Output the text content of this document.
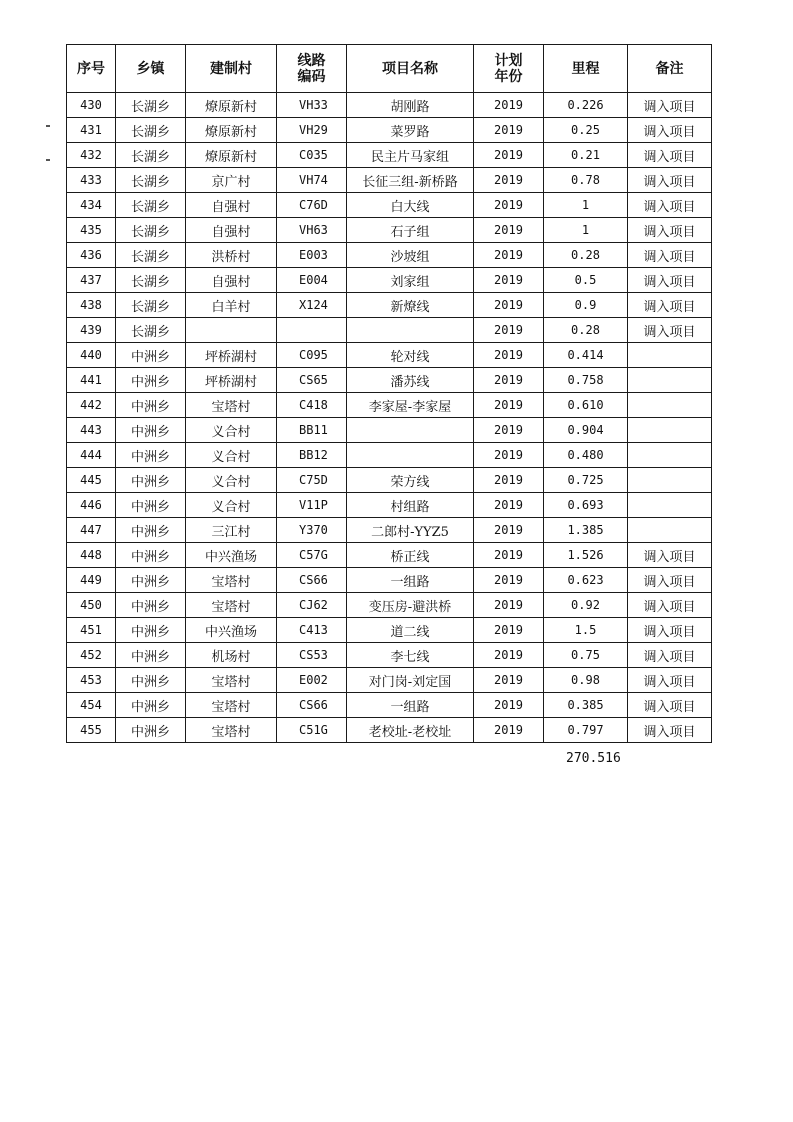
序号	乡镇	建制村	线路编码	项目名称	计划年份	里程	备注
430	长湖乡	燎原新村	VH33	胡刚路	2019	0.226	调入项目
431	长湖乡	燎原新村	VH29	菜罗路	2019	0.25	调入项目
432	长湖乡	燎原新村	C035	民主片马家组	2019	0.21	调入项目
433	长湖乡	京广村	VH74	长征三组-新桥路	2019	0.78	调入项目
434	长湖乡	自强村	C76D	白大线	2019	1	调入项目
435	长湖乡	自强村	VH63	石子组	2019	1	调入项目
436	长湖乡	洪桥村	E003	沙坡组	2019	0.28	调入项目
437	长湖乡	自强村	E004	刘家组	2019	0.5	调入项目
438	长湖乡	白羊村	X124	新燎线	2019	0.9	调入项目
439	长湖乡				2019	0.28	调入项目
440	中洲乡	坪桥湖村	C095	轮对线	2019	0.414	
441	中洲乡	坪桥湖村	CS65	潘苏线	2019	0.758	
442	中洲乡	宝塔村	C418	李家屋-李家屋	2019	0.610	
443	中洲乡	义合村	BB11		2019	0.904	
444	中洲乡	义合村	BB12		2019	0.480	
445	中洲乡	义合村	C75D	荣方线	2019	0.725	
446	中洲乡	义合村	V11P	村组路	2019	0.693	
447	中洲乡	三江村	Y370	二郎村-YYZ5	2019	1.385	
448	中洲乡	中兴渔场	C57G	桥正线	2019	1.526	调入项目
449	中洲乡	宝塔村	CS66	一组路	2019	0.623	调入项目
450	中洲乡	宝塔村	CJ62	变压房-避洪桥	2019	0.92	调入项目
451	中洲乡	中兴渔场	C413	道二线	2019	1.5	调入项目
452	中洲乡	机场村	CS53	李七线	2019	0.75	调入项目
453	中洲乡	宝塔村	E002	对门岗-刘定国	2019	0.98	调入项目
454	中洲乡	宝塔村	CS66	一组路	2019	0.385	调入项目
455	中洲乡	宝塔村	C51G	老校址-老校址	2019	0.797	调入项目
270.516
